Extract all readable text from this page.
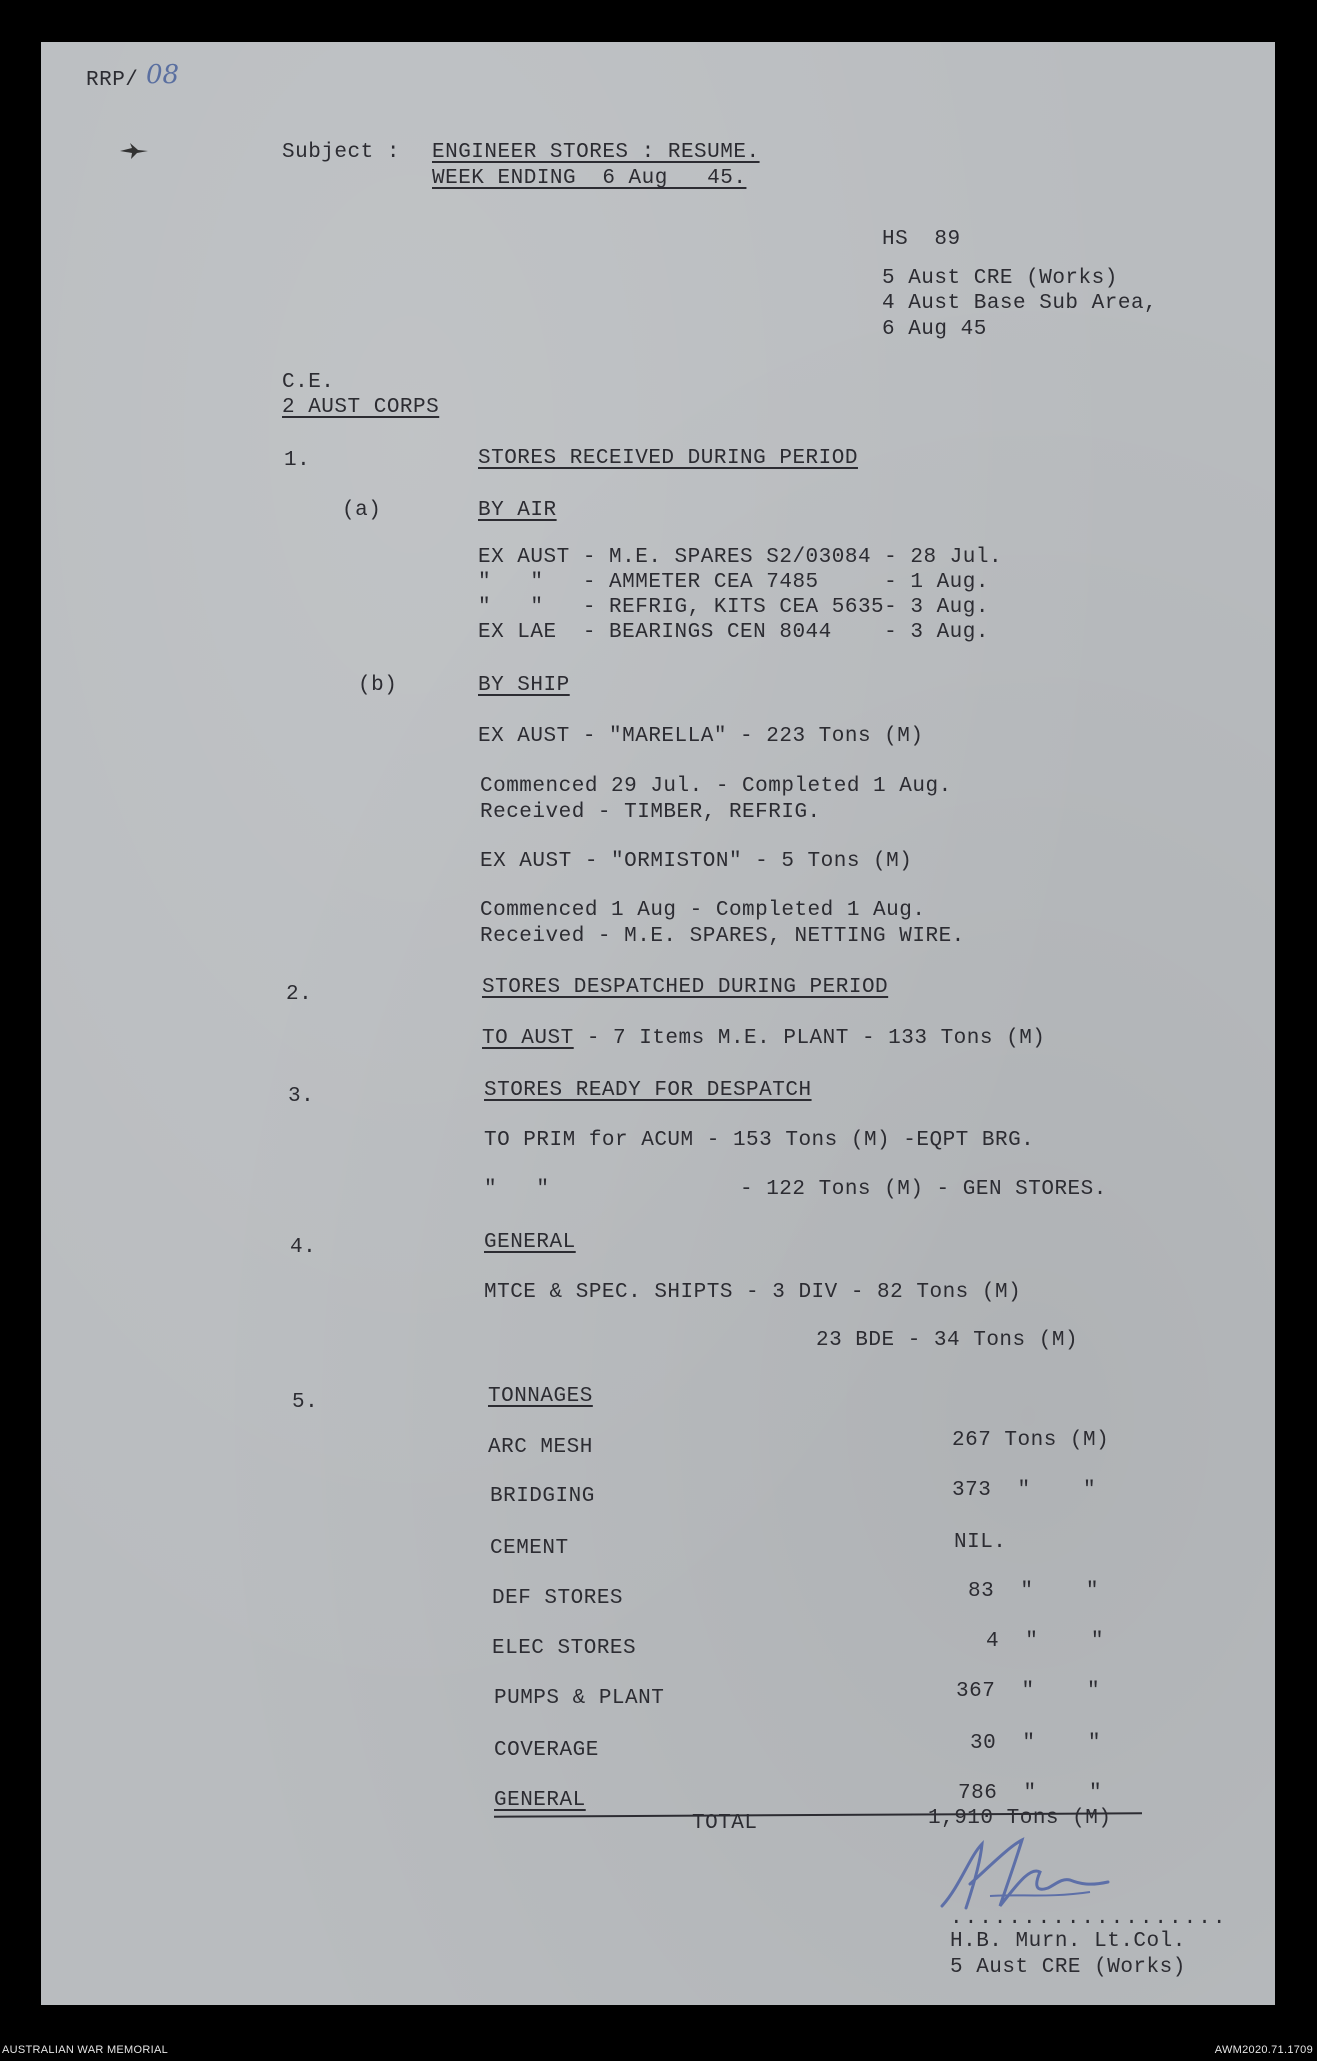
RRP/ 08
Subject : ENGINEER STORES : RESUME.
WEEK ENDING  6 Aug   45.
HS  89
5 Aust CRE (Works)
4 Aust Base Sub Area,
6 Aug 45
C.E.
2 AUST CORPS
1.	STORES RECEIVED DURING PERIOD
(a)	BY AIR
EX AUST - M.E. SPARES S2/03084 - 28 Jul.
"   "   - AMMETER CEA 7485     - 1 Aug.
"   "   - REFRIG, KITS CEA 5635- 3 Aug.
EX LAE  - BEARINGS CEN 8044    - 3 Aug.
(b)	BY SHIP
EX AUST - "MARELLA" - 223 Tons (M)
Commenced 29 Jul. - Completed 1 Aug.
Received - TIMBER, REFRIG.
EX AUST - "ORMISTON" - 5 Tons (M)
Commenced 1 Aug - Completed 1 Aug.
Received - M.E. SPARES, NETTING WIRE.
2.	STORES DESPATCHED DURING PERIOD
TO AUST - 7 Items M.E. PLANT - 133 Tons (M)
3.	STORES READY FOR DESPATCH
TO PRIM for ACUM - 153 Tons (M) -EQPT BRG.
"   "	- 122 Tons (M) - GEN STORES.
4.	GENERAL
MTCE & SPEC. SHIPTS - 3 DIV - 82 Tons (M)
23 BDE - 34 Tons (M)
5.	TONNAGES
ARC MESH	267 Tons (M)
BRIDGING	373  "    "
CEMENT	NIL.
DEF STORES	83  "    "
ELEC STORES	4  "    "
PUMPS & PLANT	367  "    "
COVERAGE	30  "    "
GENERAL	786  "    "
TOTAL	1,910 Tons (M)
...................
H.B. Murn. Lt.Col.
5 Aust CRE (Works)
AUSTRALIAN WAR MEMORIAL	AWM2020.71.1709
